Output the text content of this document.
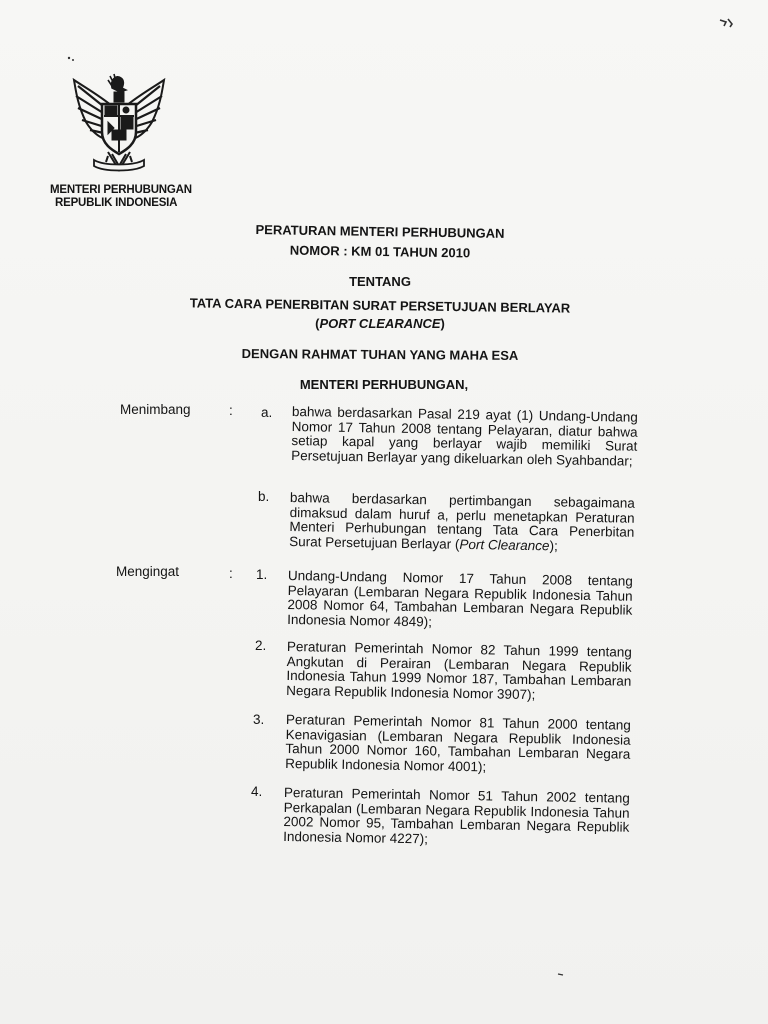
MENTERI PERHUBUNGAN
REPUBLIK INDONESIA
PERATURAN MENTERI PERHUBUNGAN
NOMOR : KM 01 TAHUN 2010
TENTANG
TATA CARA PENERBITAN SURAT PERSETUJUAN BERLAYAR
(PORT CLEARANCE)
DENGAN RAHMAT TUHAN YANG MAHA ESA
MENTERI PERHUBUNGAN,
Menimbang	: a. bahwa berdasarkan Pasal 219 ayat (1) Undang-Undang Nomor 17 Tahun 2008 tentang Pelayaran, diatur bahwa setiap kapal yang berlayar wajib memiliki Surat Persetujuan Berlayar yang dikeluarkan oleh Syahbandar;
b. bahwa berdasarkan pertimbangan sebagaimana dimaksud dalam huruf a, perlu menetapkan Peraturan Menteri Perhubungan tentang Tata Cara Penerbitan Surat Persetujuan Berlayar (Port Clearance);
Mengingat	: 1. Undang-Undang Nomor 17 Tahun 2008 tentang Pelayaran (Lembaran Negara Republik Indonesia Tahun 2008 Nomor 64, Tambahan Lembaran Negara Republik Indonesia Nomor 4849);
2. Peraturan Pemerintah Nomor 82 Tahun 1999 tentang Angkutan di Perairan (Lembaran Negara Republik Indonesia Tahun 1999 Nomor 187, Tambahan Lembaran Negara Republik Indonesia Nomor 3907);
3. Peraturan Pemerintah Nomor 81 Tahun 2000 tentang Kenavigasian (Lembaran Negara Republik Indonesia Tahun 2000 Nomor 160, Tambahan Lembaran Negara Republik Indonesia Nomor 4001);
4. Peraturan Pemerintah Nomor 51 Tahun 2002 tentang Perkapalan (Lembaran Negara Republik Indonesia Tahun 2002 Nomor 95, Tambahan Lembaran Negara Republik Indonesia Nomor 4227);
